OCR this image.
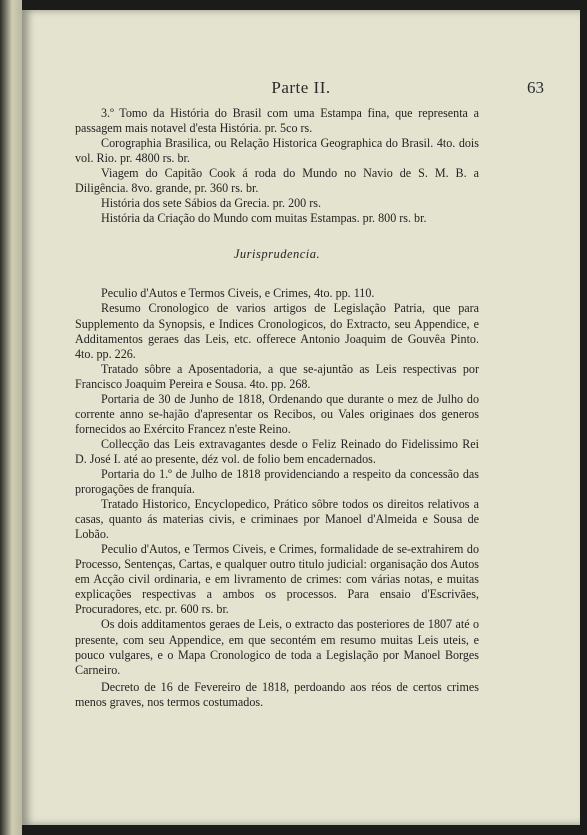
Parte II.	63

3.º Tomo da História do Brasil com uma Estampa fina, que representa a passagem mais notavel d'esta História. pr. 5co rs.

Corographia Brasilica, ou Relação Historica Geographica do Brasil. 4to. dois vol. Rio. pr. 4800 rs. br.

Viagem do Capitão Cook á roda do Mundo no Navio de S. M. B. a Diligência. 8vo. grande, pr. 360 rs. br.

História dos sete Sábios da Grecia. pr. 200 rs.

História da Criação do Mundo com muitas Estampas. pr. 800 rs. br.

Jurisprudencia.

Peculio d'Autos e Termos Civeis, e Crimes, 4to. pp. 110.

Resumo Cronologico de varios artigos de Legislação Patria, que para Supplemento da Synopsis, e Indices Cronologicos, do Extracto, seu Appendice, e Additamentos geraes das Leis, etc. offerece Antonio Joaquim de Gouvêa Pinto. 4to. pp. 226.

Tratado sôbre a Aposentadoria, a que se-ajuntão as Leis respectivas por Francisco Joaquim Pereira e Sousa. 4to. pp. 268.

Portaria de 30 de Junho de 1818, Ordenando que durante o mez de Julho do corrente anno se-hajão d'apresentar os Recibos, ou Vales originaes dos generos fornecidos ao Exército Francez n'este Reino.

Collecção das Leis extravagantes desde o Feliz Reinado do Fidelissimo Rei D. José I. até ao presente, déz vol. de folio bem encadernados.

Portaria do 1.º de Julho de 1818 providenciando a respeito da concessão das prorogações de franquía.

Tratado Historico, Encyclopedico, Prático sôbre todos os direitos relativos a casas, quanto ás materias civis, e criminaes por Manoel d'Almeida e Sousa de Lobão.

Peculio d'Autos, e Termos Civeis, e Crimes, formalidade de se-extrahirem do Processo, Sentenças, Cartas, e qualquer outro titulo judicial: organisação dos Autos em Acção civil ordinaria, e em livramento de crimes: com várias notas, e muitas explicações respectivas a ambos os processos. Para ensaio d'Escrivães, Procuradores, etc. pr. 600 rs. br.

Os dois additamentos geraes de Leis, o extracto das posteriores de 1807 até o presente, com seu Appendice, em que secontém em resumo muitas Leis uteis, e pouco vulgares, e o Mapa Cronologico de toda a Legislação por Manoel Borges Carneiro.

Decreto de 16 de Fevereiro de 1818, perdoando aos réos de certos crimes menos graves, nos termos costumados.
